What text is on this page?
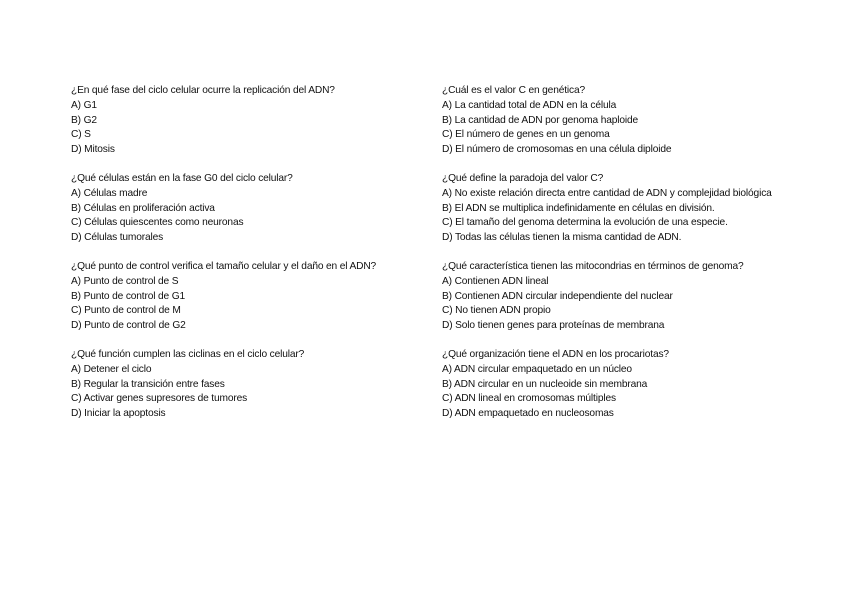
¿En qué fase del ciclo celular ocurre la replicación del ADN?

A) G1
B) G2
C) S
D) Mitosis

¿Qué células están en la fase G0 del ciclo celular?

A) Células madre
B) Células en proliferación activa
C) Células quiescentes como neuronas
D) Células tumorales

¿Qué punto de control verifica el tamaño celular y el daño en el ADN?

A) Punto de control de S
B) Punto de control de G1
C) Punto de control de M
D) Punto de control de G2

¿Qué función cumplen las ciclinas en el ciclo celular?

A) Detener el ciclo
B) Regular la transición entre fases
C) Activar genes supresores de tumores
D) Iniciar la apoptosis

¿Cuál es el valor C en genética?

A) La cantidad total de ADN en la célula
B) La cantidad de ADN por genoma haploide
C) El número de genes en un genoma
D) El número de cromosomas en una célula diploide

¿Qué define la paradoja del valor C?

A) No existe relación directa entre cantidad de ADN y complejidad biológica
B) El ADN se multiplica indefinidamente en células en división.
C) El tamaño del genoma determina la evolución de una especie.
D) Todas las células tienen la misma cantidad de ADN.

¿Qué característica tienen las mitocondrias en términos de genoma?

A) Contienen ADN lineal
B) Contienen ADN circular independiente del nuclear
C) No tienen ADN propio
D) Solo tienen genes para proteínas de membrana

¿Qué organización tiene el ADN en los procariotas?

A) ADN circular empaquetado en un núcleo
B) ADN circular en un nucleoide sin membrana
C) ADN lineal en cromosomas múltiples
D) ADN empaquetado en nucleosomas
